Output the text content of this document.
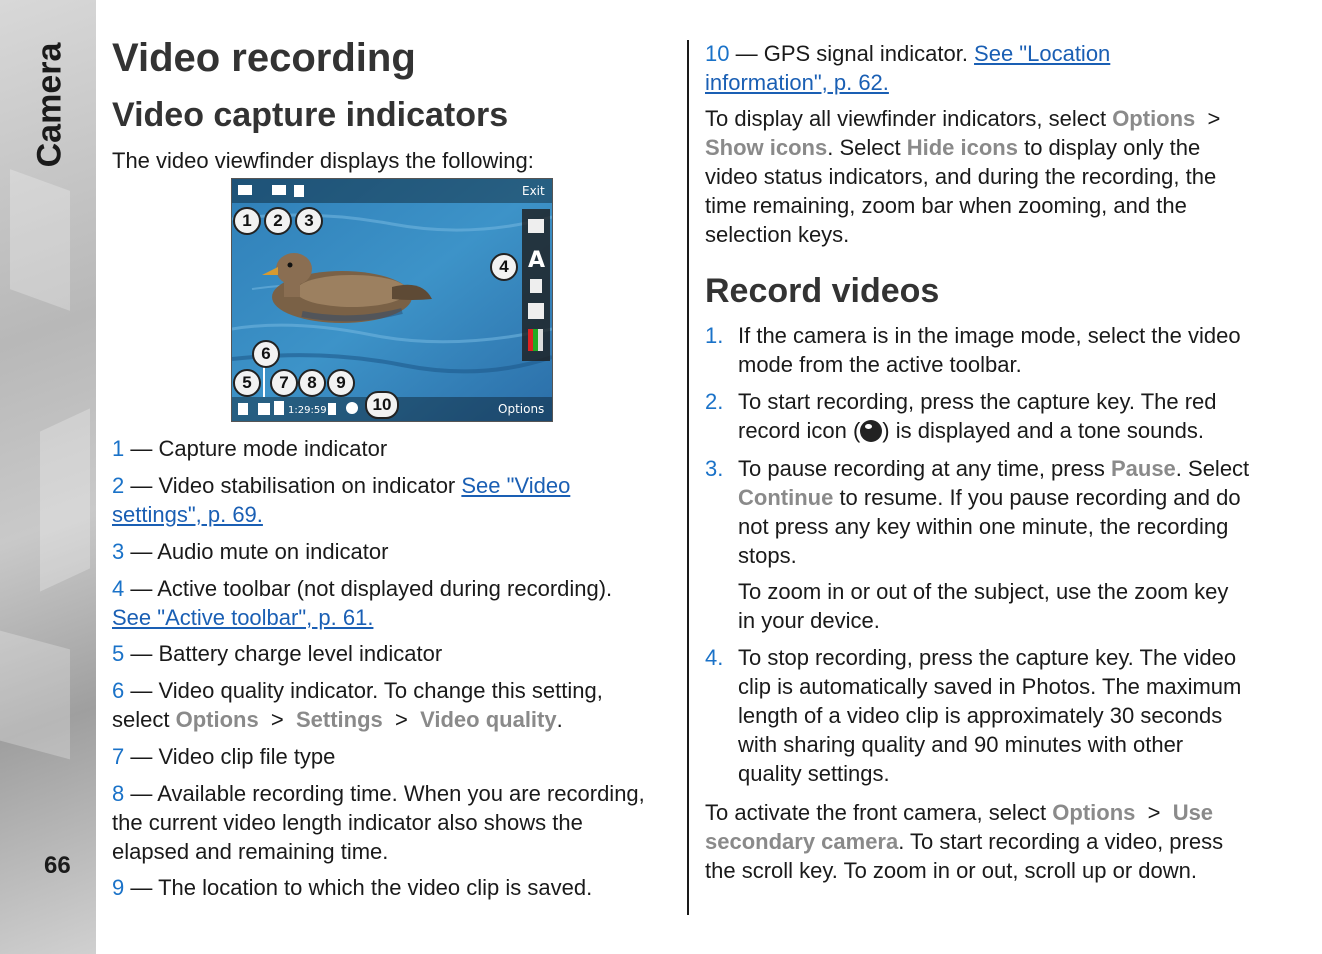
Camera
66
Video recording
Video capture indicators

The video viewfinder displays the following:

Exit
A
1:29:59	Options
1	2	3
4
5
6
7	8	9
10

1 — Capture mode indicator

2 — Video stabilisation on indicator See "Video
settings", p. 69.

3 — Audio mute on indicator

4 — Active toolbar (not displayed during recording).
See "Active toolbar", p. 61.

5 — Battery charge level indicator

6 — Video quality indicator. To change this setting,
select Options  >  Settings  >  Video quality.

7 — Video clip file type

8 — Available recording time. When you are recording,
the current video length indicator also shows the
elapsed and remaining time.

9 — The location to which the video clip is saved.

10 — GPS signal indicator. See "Location
information", p. 62.

To display all viewfinder indicators, select Options  >
Show icons. Select Hide icons to display only the
video status indicators, and during the recording, the
time remaining, zoom bar when zooming, and the
selection keys.

Record videos
1. If the camera is in the image mode, select the video
mode from the active toolbar.

2. To start recording, press the capture key. The red
record icon ( ) is displayed and a tone sounds.

3. To pause recording at any time, press Pause. Select
Continue to resume. If you pause recording and do
not press any key within one minute, the recording
stops.

To zoom in or out of the subject, use the zoom key
in your device.

4. To stop recording, press the capture key. The video
clip is automatically saved in Photos. The maximum
length of a video clip is approximately 30 seconds
with sharing quality and 90 minutes with other
quality settings.

To activate the front camera, select Options  >  Use
secondary camera. To start recording a video, press
the scroll key. To zoom in or out, scroll up or down.
